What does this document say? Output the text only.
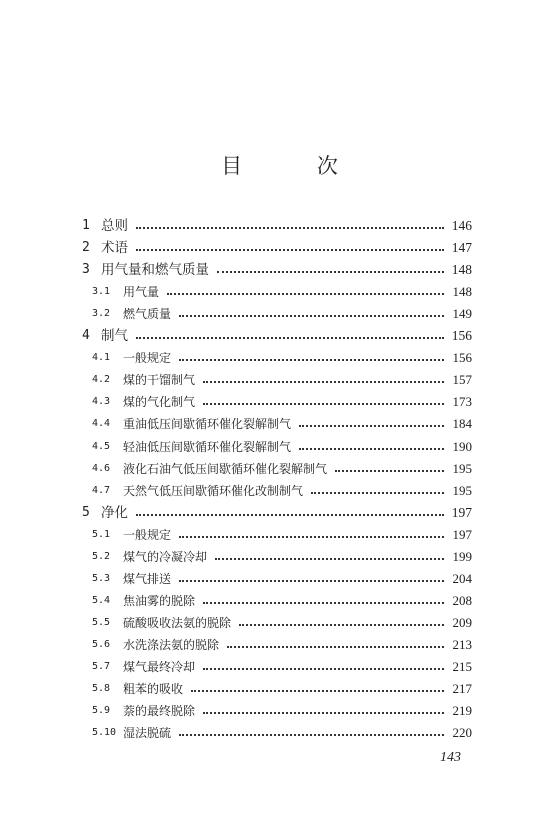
目 次
1 总则	146
2 术语	147
3 用气量和燃气质量	148
3.1 用气量	148
3.2 燃气质量	149
4 制气	156
4.1 一般规定	156
4.2 煤的干馏制气	157
4.3 煤的气化制气	173
4.4 重油低压间歇循环催化裂解制气	184
4.5 轻油低压间歇循环催化裂解制气	190
4.6 液化石油气低压间歇循环催化裂解制气	195
4.7 天然气低压间歇循环催化改制制气	195
5 净化	197
5.1 一般规定	197
5.2 煤气的冷凝冷却	199
5.3 煤气排送	204
5.4 焦油雾的脱除	208
5.5 硫酸吸收法氨的脱除	209
5.6 水洗涤法氨的脱除	213
5.7 煤气最终冷却	215
5.8 粗苯的吸收	217
5.9 萘的最终脱除	219
5.10 湿法脱硫	220
143
